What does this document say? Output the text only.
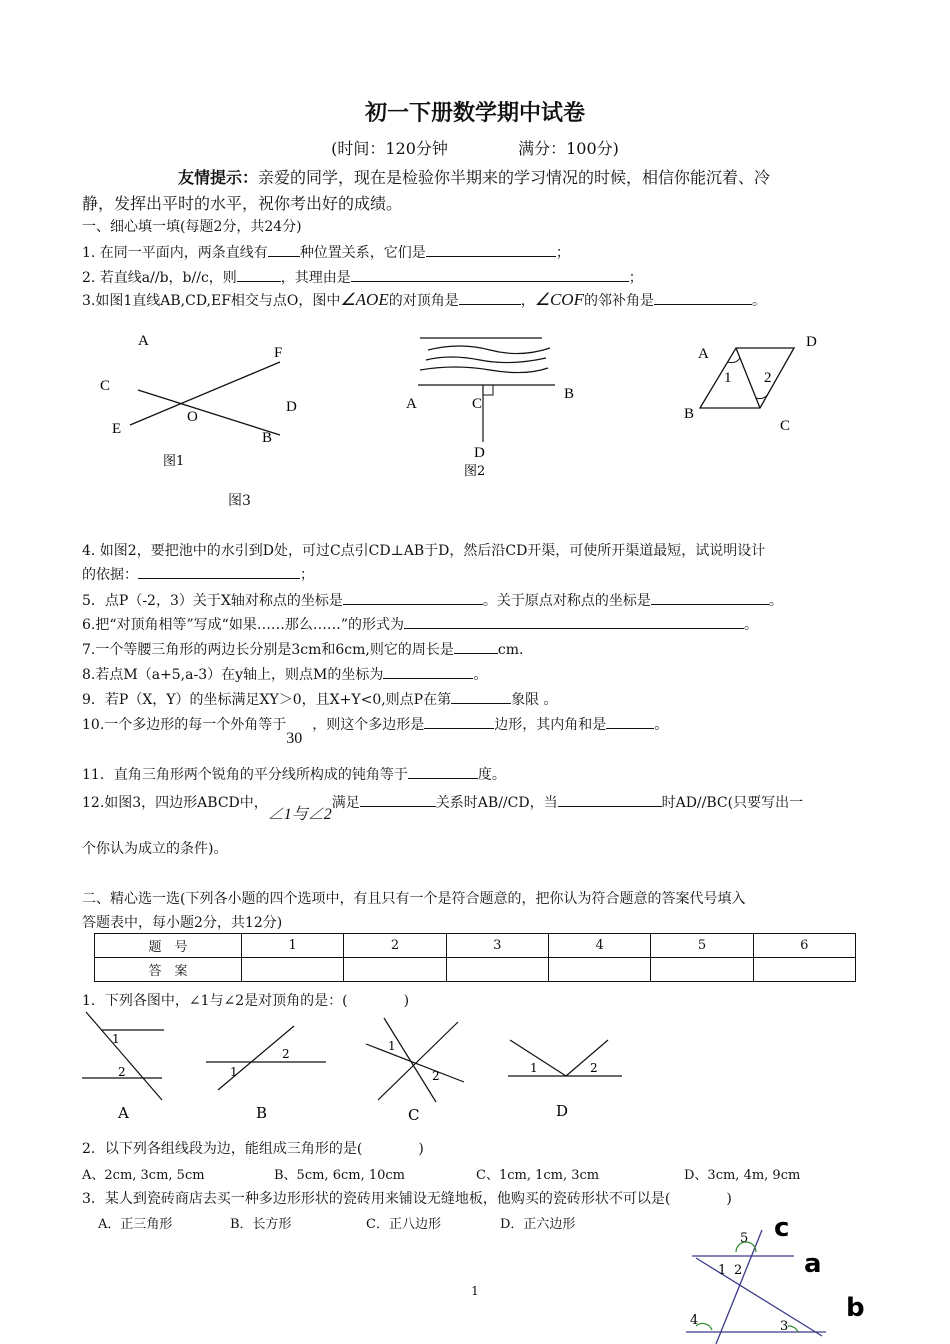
初一下册数学期中试卷
(时间：120分钟	满分：100分)
友情提示：亲爱的同学，现在是检验你半期来的学习情况的时候，相信你能沉着、冷
静，发挥出平时的水平，祝你考出好的成绩。
一、细心填一填(每题2分，共24分)
1. 在同一平面内，两条直线有 种位置关系，它们是	；
2. 若直线a//b，b//c，则	，其理由是	；
3.如图1直线AB,CD,EF相交与点O，图中∠AOE的对顶角是	，∠COF的邻补角是	。
A
F
C
D
O
E
B
图1
A	C
B
D
图2
A
D
1 2
B
C
图3
4. 如图2，要把池中的水引到D处，可过C点引CD⊥AB于D，然后沿CD开渠，可使所开渠道最短，试说明设计
的依据：	；
5．点P（-2，3）关于X轴对称点的坐标是	。关于原点对称点的坐标是	。
6.把“对顶角相等”写成“如果……那么……”的形式为	。
7.一个等腰三角形的两边长分别是3cm和6cm,则它的周长是	cm.
8.若点M（a+5,a-3）在y轴上，则点M的坐标为	。
9．若P（X，Y）的坐标满足XY＞0，且X+Y<0,则点P在第	象限 。
10.一个多边形的每一个外角等于30，则这个多边形是	边形，其内角和是	。
11．直角三角形两个锐角的平分线所构成的钝角等于	度。
12.如图3，四边形ABCD中，∠1与∠2满足	关系时AB//CD，当	时AD//BC(只要写出一
个你认为成立的条件)。
二、精心选一选(下列各小题的四个选项中，有且只有一个是符合题意的，把你认为符合题意的答案代号填入
答题表中，每小题2分，共12分)
题　号	1	2	3	4	5	6
答　案						
1．下列各图中，∠1与∠2是对顶角的是：(　　　　)
1
2
A
1
2
B
1
2
C
1	2
D
2．以下列各组线段为边，能组成三角形的是(　　　　)
A、2cm, 3cm, 5cm	B、5cm, 6cm, 10cm	C、1cm, 1cm, 3cm	D、3cm, 4m, 9cm
3．某人到瓷砖商店去买一种多边形形状的瓷砖用来铺设无缝地板，他购买的瓷砖形状不可以是(　　　　)
A．正三角形	B．长方形	C．正八边形	D．正六边形	c
a
b
5
1 2
4	3
1
